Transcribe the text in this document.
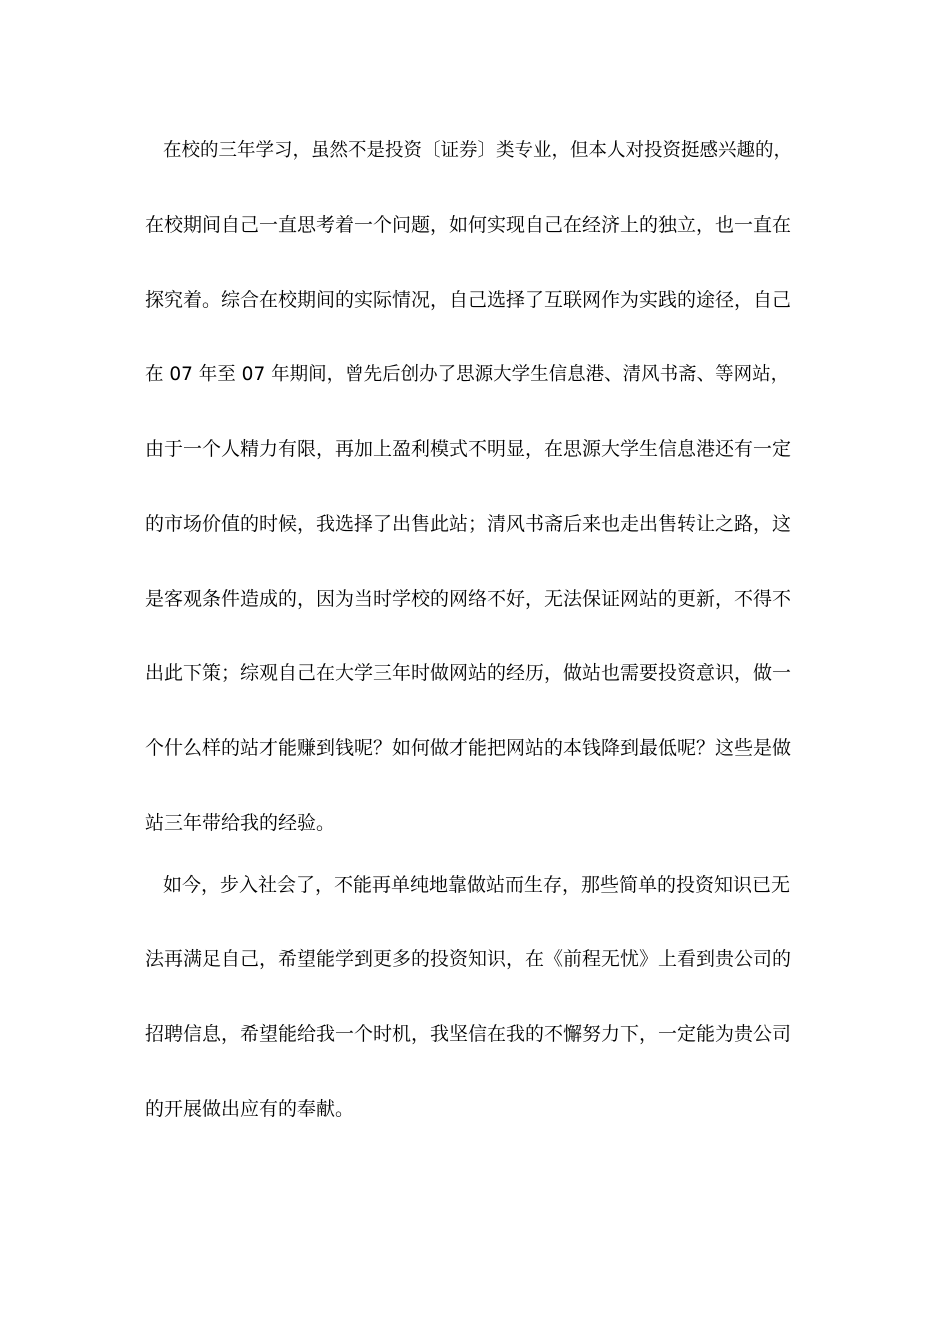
在校的三年学习，虽然不是投资〔证券〕类专业，但本人对投资挺感兴趣的，
在校期间自己一直思考着一个问题，如何实现自己在经济上的独立，也一直在
探究着。综合在校期间的实际情况，自己选择了互联网作为实践的途径，自己
在 07 年至 07 年期间，曾先后创办了思源大学生信息港、清风书斋、等网站，
由于一个人精力有限，再加上盈利模式不明显，在思源大学生信息港还有一定
的市场价值的时候，我选择了出售此站；清风书斋后来也走出售转让之路，这
是客观条件造成的，因为当时学校的网络不好，无法保证网站的更新，不得不
出此下策；综观自己在大学三年时做网站的经历，做站也需要投资意识，做一
个什么样的站才能赚到钱呢？如何做才能把网站的本钱降到最低呢？这些是做
站三年带给我的经验。
如今，步入社会了，不能再单纯地靠做站而生存，那些简单的投资知识已无
法再满足自己，希望能学到更多的投资知识，在《前程无忧》上看到贵公司的
招聘信息，希望能给我一个时机，我坚信在我的不懈努力下，一定能为贵公司
的开展做出应有的奉献。
